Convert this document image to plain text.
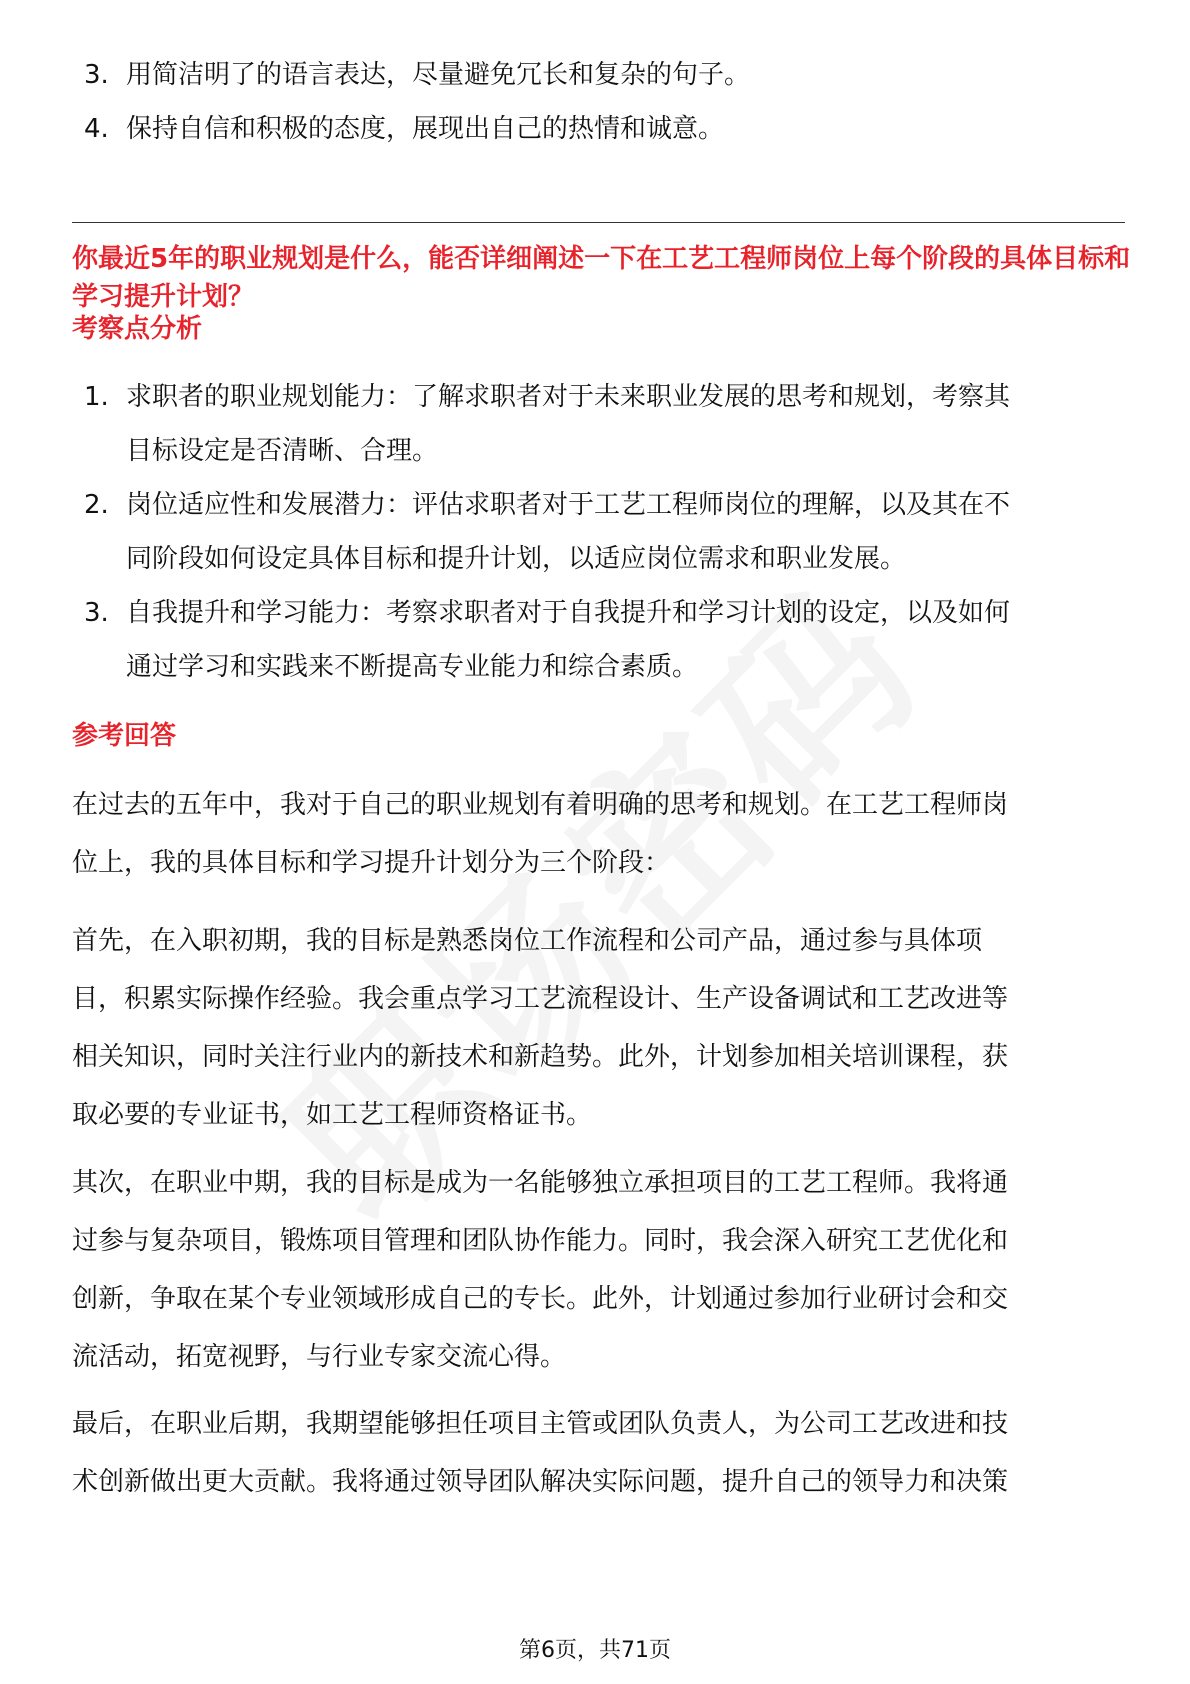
3. 用简洁明了的语言表达，尽量避免冗长和复杂的句子。
4. 保持自信和积极的态度，展现出自己的热情和诚意。
你最近5年的职业规划是什么，能否详细阐述一下在工艺工程师岗位上每个阶段的具体目标和学习提升计划？
考察点分析
1. 求职者的职业规划能力：了解求职者对于未来职业发展的思考和规划，考察其
目标设定是否清晰、合理。
2. 岗位适应性和发展潜力：评估求职者对于工艺工程师岗位的理解，以及其在不
同阶段如何设定具体目标和提升计划，以适应岗位需求和职业发展。
3. 自我提升和学习能力：考察求职者对于自我提升和学习计划的设定，以及如何
通过学习和实践来不断提高专业能力和综合素质。
参考回答
在过去的五年中，我对于自己的职业规划有着明确的思考和规划。在工艺工程师岗
位上，我的具体目标和学习提升计划分为三个阶段：
首先，在入职初期，我的目标是熟悉岗位工作流程和公司产品，通过参与具体项
目，积累实际操作经验。我会重点学习工艺流程设计、生产设备调试和工艺改进等
相关知识，同时关注行业内的新技术和新趋势。此外，计划参加相关培训课程，获
取必要的专业证书，如工艺工程师资格证书。
其次，在职业中期，我的目标是成为一名能够独立承担项目的工艺工程师。我将通
过参与复杂项目，锻炼项目管理和团队协作能力。同时，我会深入研究工艺优化和
创新，争取在某个专业领域形成自己的专长。此外，计划通过参加行业研讨会和交
流活动，拓宽视野，与行业专家交流心得。
最后，在职业后期，我期望能够担任项目主管或团队负责人，为公司工艺改进和技
术创新做出更大贡献。我将通过领导团队解决实际问题，提升自己的领导力和决策
第6页，共71页
